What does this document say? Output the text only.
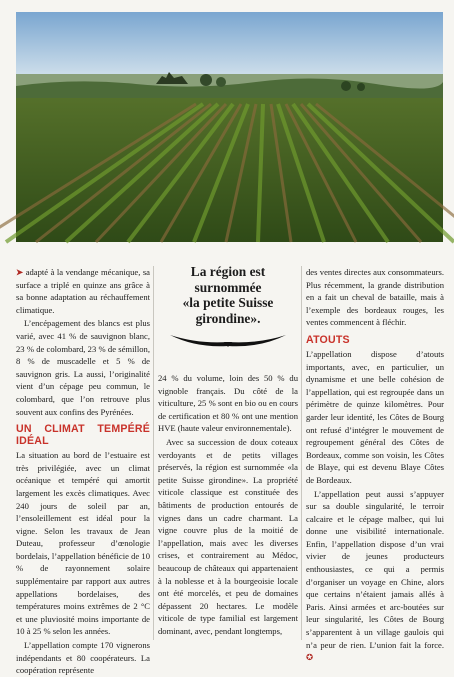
➤ adapté à la vendange mécanique, sa surface a triplé en quinze ans grâce à sa bonne adaptation au réchauffement climatique.

L’encépagement des blancs est plus varié, avec 41 % de sauvignon blanc, 23 % de colombard, 23 % de sémillon, 8 % de muscadelle et 5 % de sauvignon gris. La aussi, l’originalité vient d’un cépage peu commun, le colombard, que l’on retrouve plus souvent aux confins des Pyrénées.

UN CLIMAT TEMPÉRÉ IDÉAL

La situation au bord de l’estuaire est très privilégiée, avec un climat océanique et tempéré qui amortit largement les excès climatiques. Avec 240 jours de soleil par an, l’ensoleillement est idéal pour la vigne. Selon les travaux de Jean Duteau, professeur d’œnologie bordelais, l’appellation bénéficie de 10 % de rayonnement solaire supplémentaire par rapport aux autres appellations bordelaises, des températures moins extrêmes de 2 °C et une pluviosité moins importante de 10 à 25 % selon les années.

L’appellation compte 170 vignerons indépendants et 80 coopérateurs. La coopération représente

La région est

surnommée

«la petite Suisse

girondine».

24 % du volume, loin des 50 % du vignoble français. Du côté de la viticulture, 25 % sont en bio ou en cours de certification et 80 % ont une mention HVE (haute valeur environnementale).

Avec sa succession de doux coteaux verdoyants et de petits villages préservés, la région est surnommée «la petite Suisse girondine». La propriété viticole classique est constituée des bâtiments de production entourés de vignes dans un cadre charmant. La vigne couvre plus de la moitié de l’appellation, mais avec les diverses crises, et contrairement au Médoc, beaucoup de châteaux qui appartenaient à la noblesse et à la bourgeoisie locale ont été morcelés, et peu de domaines dépassent 20 hectares. Le modèle viticole de type familial est largement dominant, avec, pendant longtemps,

des ventes directes aux consommateurs. Plus récemment, la grande distribution en a fait un cheval de bataille, mais à l’exemple des bordeaux rouges, les ventes commencent à fléchir.

ATOUTS

L’appellation dispose d’atouts importants, avec, en particulier, un dynamisme et une belle cohésion de l’appellation, qui est regroupée dans un périmètre de quinze kilomètres. Pour garder leur identité, les Côtes de Bourg ont refusé d’intégrer le mouvement de regroupement général des Côtes de Bordeaux, comme son voisin, les Côtes de Blaye, qui est devenu Blaye Côtes de Bordeaux.

L’appellation peut aussi s’appuyer sur sa double singularité, le terroir calcaire et le cépage malbec, qui lui donne une visibilité internationale. Enfin, l’appellation dispose d’un vrai vivier de jeunes producteurs enthousiastes, ce qui a permis d’organiser un voyage en Chine, alors que certains n’étaient jamais allés à Paris. Ainsi armées et arc-boutées sur leur singularité, les Côtes de Bourg s’apparentent à un village gaulois qui n’a peur de rien. L’union fait la force. ✪
